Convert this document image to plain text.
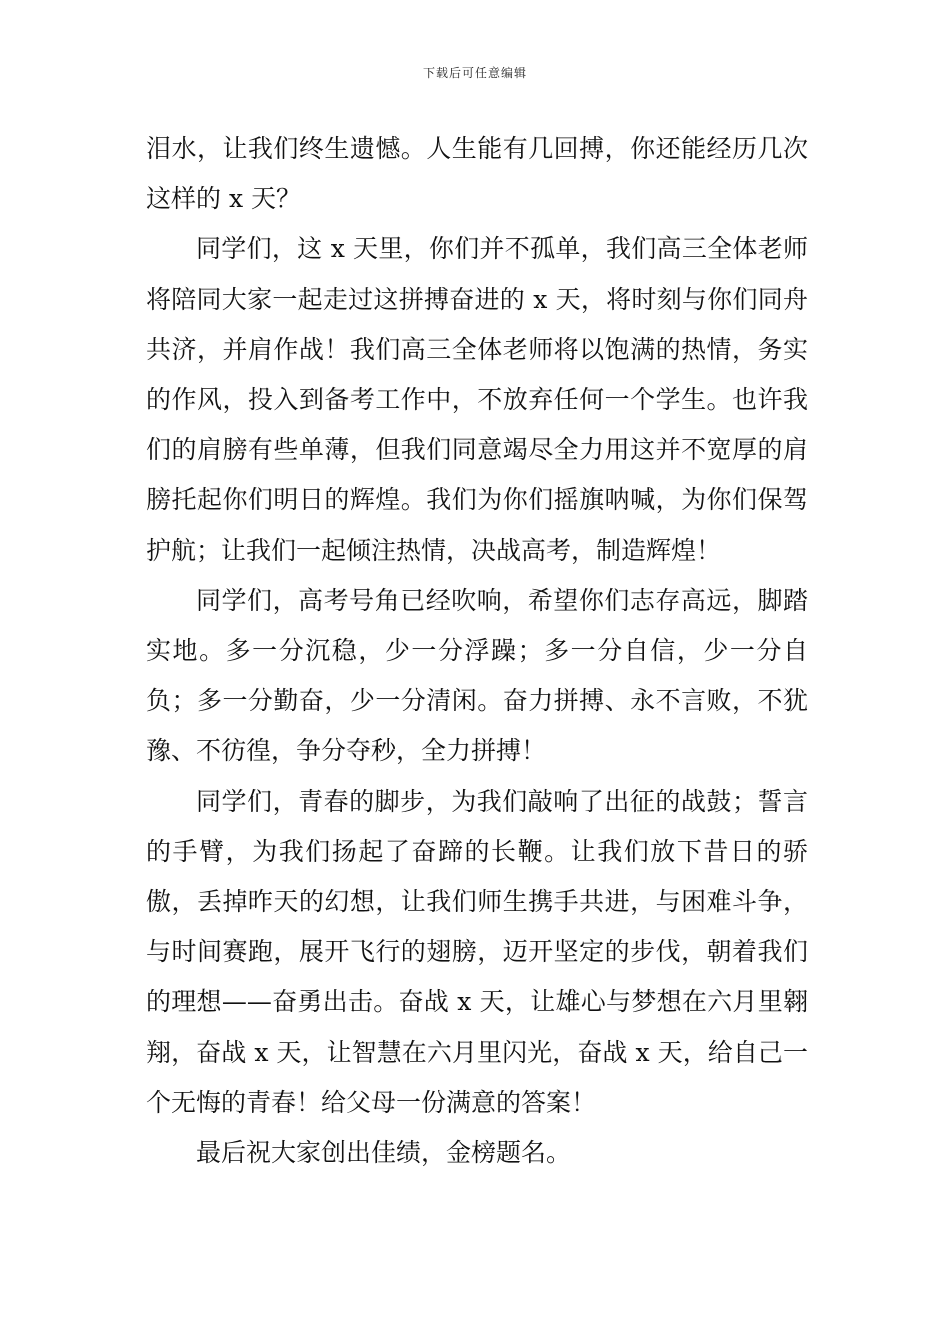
下载后可任意编辑

泪水，让我们终生遗憾。人生能有几回搏，你还能经历几次这样的 x 天？

同学们，这 x 天里，你们并不孤单，我们高三全体老师将陪同大家一起走过这拼搏奋进的 x 天，将时刻与你们同舟共济，并肩作战！我们高三全体老师将以饱满的热情，务实的作风，投入到备考工作中，不放弃任何一个学生。也许我们的肩膀有些单薄，但我们同意竭尽全力用这并不宽厚的肩膀托起你们明日的辉煌。我们为你们摇旗呐喊，为你们保驾护航；让我们一起倾注热情，决战高考，制造辉煌！

同学们，高考号角已经吹响，希望你们志存高远，脚踏实地。多一分沉稳，少一分浮躁；多一分自信，少一分自负；多一分勤奋，少一分清闲。奋力拼搏、永不言败，不犹豫、不彷徨，争分夺秒，全力拼搏！

同学们，青春的脚步，为我们敲响了出征的战鼓；誓言的手臂，为我们扬起了奋蹄的长鞭。让我们放下昔日的骄傲，丢掉昨天的幻想，让我们师生携手共进，与困难斗争，与时间赛跑，展开飞行的翅膀，迈开坚定的步伐，朝着我们的理想——奋勇出击。奋战 x 天，让雄心与梦想在六月里翱翔，奋战 x 天，让智慧在六月里闪光，奋战 x 天，给自己一个无悔的青春！给父母一份满意的答案！

最后祝大家创出佳绩，金榜题名。
